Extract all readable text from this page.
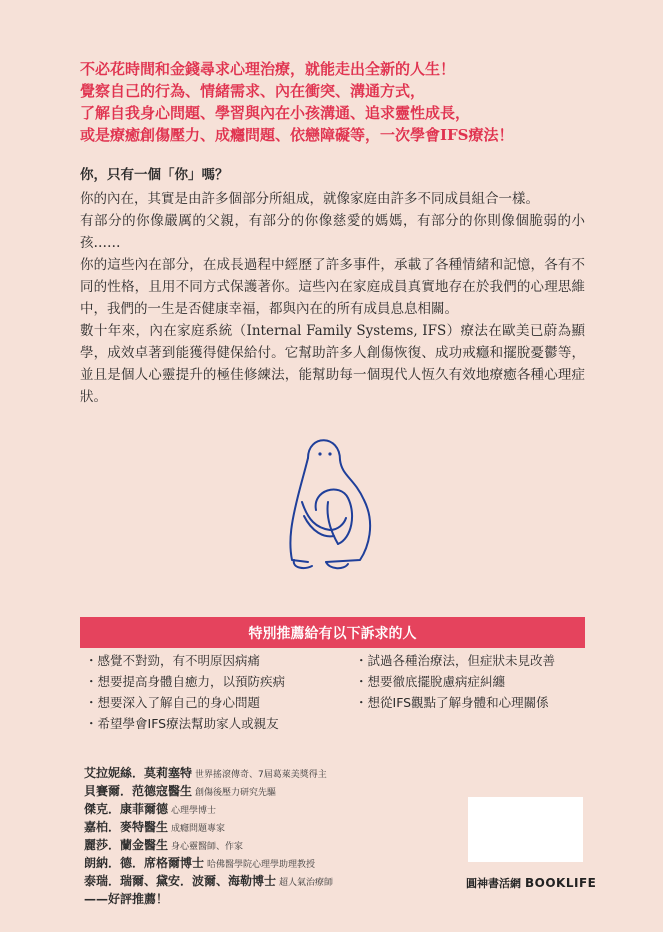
不必花時間和金錢尋求心理治療，就能走出全新的人生！
覺察自己的行為、情緒需求、內在衝突、溝通方式，
了解自我身心問題、學習與內在小孩溝通、追求靈性成長，
或是療癒創傷壓力、成癮問題、依戀障礙等，一次學會IFS療法！
你，只有一個「你」嗎？

你的內在，其實是由許多個部分所組成，就像家庭由許多不同成員組合一樣。

有部分的你像嚴厲的父親，有部分的你像慈愛的媽媽，有部分的你則像個脆弱的小孩……

你的這些內在部分，在成長過程中經歷了許多事件，承載了各種情緒和記憶，各有不同的性格，且用不同方式保護著你。這些內在家庭成員真實地存在於我們的心理思維中，我們的一生是否健康幸福，都與內在的所有成員息息相關。

數十年來，內在家庭系統（Internal Family Systems, IFS）療法在歐美已蔚為顯學，成效卓著到能獲得健保給付。它幫助許多人創傷恢復、成功戒癮和擺脫憂鬱等，並且是個人心靈提升的極佳修練法，能幫助每一個現代人恆久有效地療癒各種心理症狀。

特別推薦給有以下訴求的人
・ 感覺不對勁，有不明原因病痛
・ 想要提高身體自癒力，以預防疾病
・ 想要深入了解自己的身心問題
・ 希望學會IFS療法幫助家人或親友
・ 試過各種治療法，但症狀未見改善
・ 想要徹底擺脫慮病症糾纏
・ 想從IFS觀點了解身體和心理關係
艾拉妮絲．莫莉塞特 世界搖滾傳奇、7屆葛萊美獎得主
貝賽爾．范德寇醫生 創傷後壓力研究先驅
傑克．康菲爾德 心理學博士
嘉柏．麥特醫生 成癮問題專家
麗莎．蘭金醫生 身心靈醫師、作家
朗納．德．席格爾博士 哈佛醫學院心理學助理教授
泰瑞．瑞爾、黛安．波爾、海勒博士 超人氣治療師
——好評推薦！
圓神書活網 BOOKLIFE
